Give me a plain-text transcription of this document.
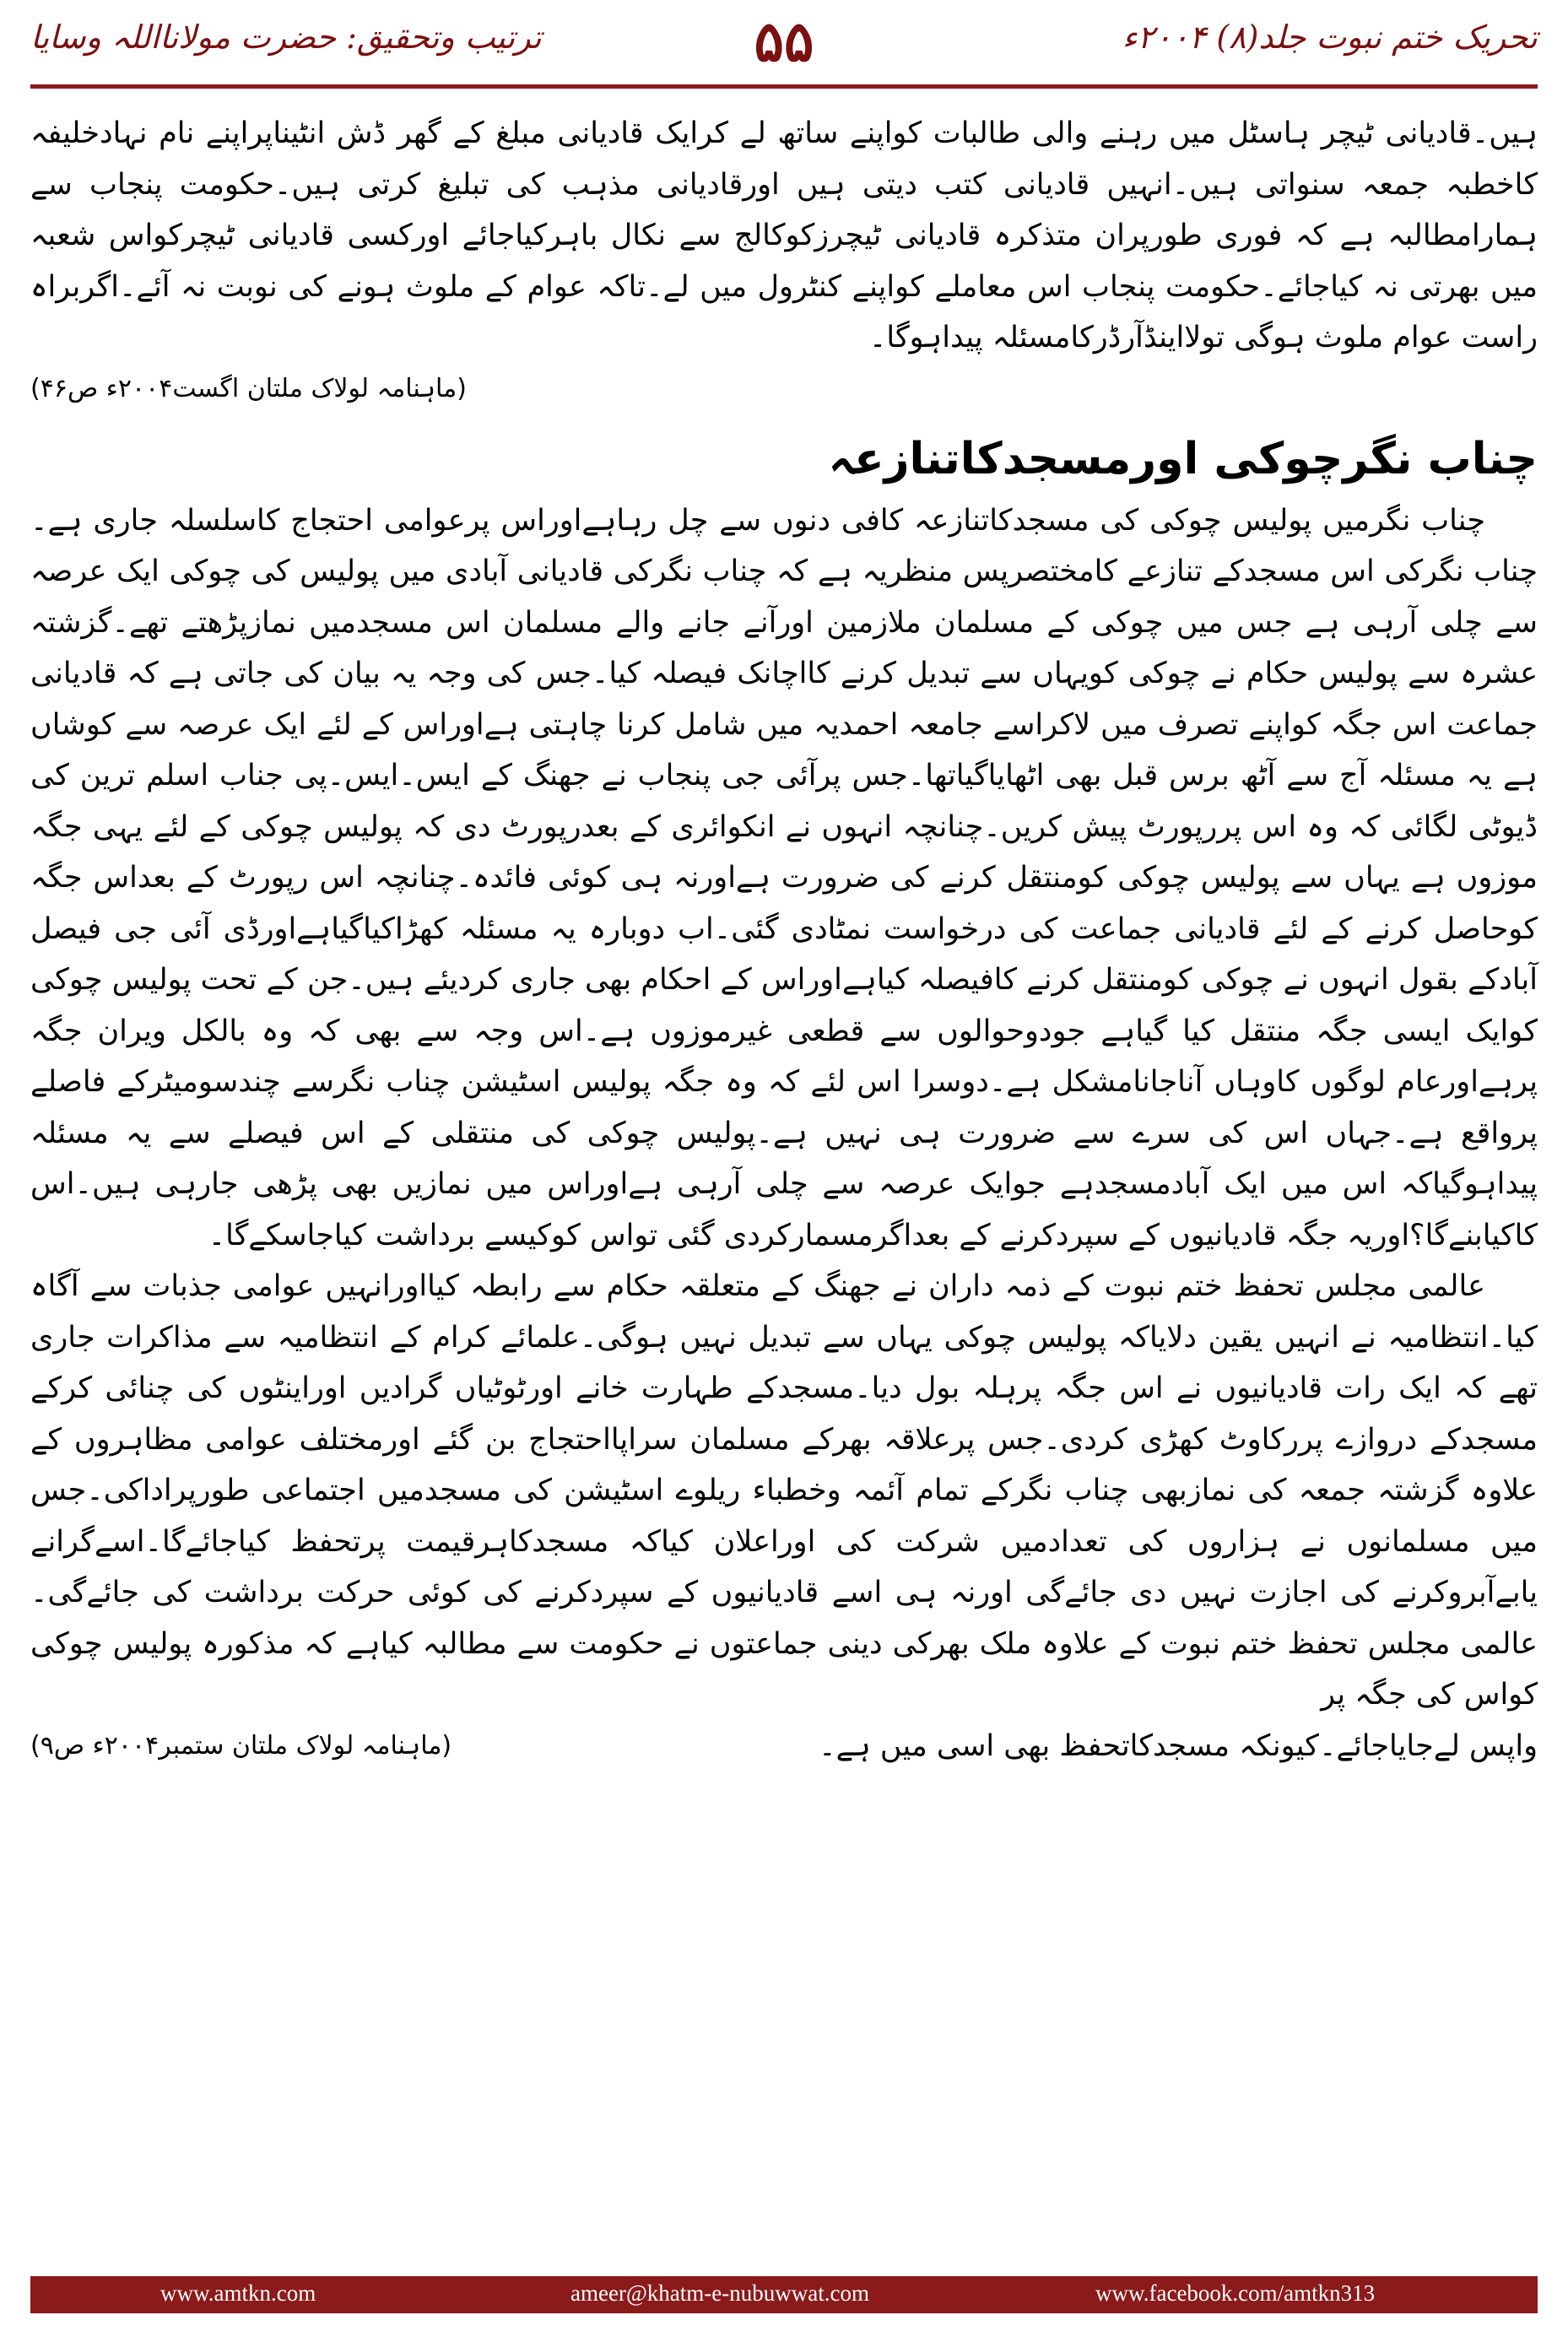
تحریک ختم نبوت جلد(۸) ۲۰۰۴ء
۵۵
ترتیب وتحقیق: حضرت مولانااللہ وسایا

ہیں۔قادیانی ٹیچر ہاسٹل میں رہنے والی طالبات کواپنے ساتھ لے کرایک قادیانی مبلغ کے گھر ڈش انٹیناپراپنے نام نہادخلیفہ کاخطبہ جمعہ سنواتی ہیں۔انہیں قادیانی کتب دیتی ہیں اورقادیانی مذہب کی تبلیغ کرتی ہیں۔حکومت پنجاب سے ہمارامطالبہ ہے کہ فوری طورپران متذکرہ قادیانی ٹیچرزکوکالج سے نکال باہرکیاجائے اورکسی قادیانی ٹیچرکواس شعبہ میں بھرتی نہ کیاجائے۔حکومت پنجاب اس معاملے کواپنے کنٹرول میں لے۔تاکہ عوام کے ملوث ہونے کی نوبت نہ آئے۔اگربراہ راست عوام ملوث ہوگی تولااینڈآرڈرکامسئلہ پیداہوگا۔

(ماہنامہ لولاک ملتان اگست۲۰۰۴ء ص۴۶)

چناب نگرچوکی اورمسجدکاتنازعہ

چناب نگرمیں پولیس چوکی کی مسجدکاتنازعہ کافی دنوں سے چل رہاہےاوراس پرعوامی احتجاج کاسلسلہ جاری ہے۔چناب نگرکی اس مسجدکے تنازعے کامختصرپس منظریہ ہے کہ چناب نگرکی قادیانی آبادی میں پولیس کی چوکی ایک عرصہ سے چلی آرہی ہے جس میں چوکی کے مسلمان ملازمین اورآنے جانے والے مسلمان اس مسجدمیں نمازپڑھتے تھے۔گزشتہ عشرہ سے پولیس حکام نے چوکی کویہاں سے تبدیل کرنے کااچانک فیصلہ کیا۔جس کی وجہ یہ بیان کی جاتی ہے کہ قادیانی جماعت اس جگہ کواپنے تصرف میں لاکراسے جامعہ احمدیہ میں شامل کرنا چاہتی ہےاوراس کے لئے ایک عرصہ سے کوشاں ہے یہ مسئلہ آج سے آٹھ برس قبل بھی اٹھایاگیاتھا۔جس پرآئی جی پنجاب نے جھنگ کے ایس۔ایس۔پی جناب اسلم ترین کی ڈیوٹی لگائی کہ وہ اس پررپورٹ پیش کریں۔چنانچہ انہوں نے انکوائری کے بعدرپورٹ دی کہ پولیس چوکی کے لئے یہی جگہ موزوں ہے یہاں سے پولیس چوکی کومنتقل کرنے کی ضرورت ہےاورنہ ہی کوئی فائدہ۔چنانچہ اس رپورٹ کے بعداس جگہ کوحاصل کرنے کے لئے قادیانی جماعت کی درخواست نمٹادی گئی۔اب دوبارہ یہ مسئلہ کھڑاکیاگیاہےاورڈی آئی جی فیصل آبادکے بقول انہوں نے چوکی کومنتقل کرنے کافیصلہ کیاہےاوراس کے احکام بھی جاری کردیئے ہیں۔جن کے تحت پولیس چوکی کوایک ایسی جگہ منتقل کیا گیاہے جودوحوالوں سے قطعی غیرموزوں ہے۔اس وجہ سے بھی کہ وہ بالکل ویران جگہ پرہےاورعام لوگوں کاوہاں آناجانامشکل ہے۔دوسرا اس لئے کہ وہ جگہ پولیس اسٹیشن چناب نگرسے چندسومیٹرکے فاصلے پرواقع ہے۔جہاں اس کی سرے سے ضرورت ہی نہیں ہے۔پولیس چوکی کی منتقلی کے اس فیصلے سے یہ مسئلہ پیداہوگیاکہ اس میں ایک آبادمسجدہے جوایک عرصہ سے چلی آرہی ہےاوراس میں نمازیں بھی پڑھی جارہی ہیں۔اس کاکیابنےگا؟اوریہ جگہ قادیانیوں کے سپردکرنے کے بعداگرمسمارکردی گئی تواس کوکیسے برداشت کیاجاسکےگا۔

عالمی مجلس تحفظ ختم نبوت کے ذمہ داران نے جھنگ کے متعلقہ حکام سے رابطہ کیااورانہیں عوامی جذبات سے آگاہ کیا۔انتظامیہ نے انہیں یقین دلایاکہ پولیس چوکی یہاں سے تبدیل نہیں ہوگی۔علمائے کرام کے انتظامیہ سے مذاکرات جاری تھے کہ ایک رات قادیانیوں نے اس جگہ پرہلہ بول دیا۔مسجدکے طہارت خانے اورٹوٹیاں گرادیں اوراینٹوں کی چنائی کرکے مسجدکے دروازے پررکاوٹ کھڑی کردی۔جس پرعلاقہ بھرکے مسلمان سراپااحتجاج بن گئے اورمختلف عوامی مظاہروں کے علاوہ گزشتہ جمعہ کی نمازبھی چناب نگرکے تمام آئمہ وخطباء ریلوے اسٹیشن کی مسجدمیں اجتماعی طورپراداکی۔جس میں مسلمانوں نے ہزاروں کی تعدادمیں شرکت کی اوراعلان کیاکہ مسجدکاہرقیمت پرتحفظ کیاجائےگا۔اسےگرانے یابےآبروکرنے کی اجازت نہیں دی جائےگی اورنہ ہی اسے قادیانیوں کے سپردکرنے کی کوئی حرکت برداشت کی جائےگی۔عالمی مجلس تحفظ ختم نبوت کے علاوہ ملک بھرکی دینی جماعتوں نے حکومت سے مطالبہ کیاہے کہ مذکورہ پولیس چوکی کواس کی جگہ پر

واپس لےجایاجائے۔کیونکہ مسجدکاتحفظ بھی اسی میں ہے۔
(ماہنامہ لولاک ملتان ستمبر۲۰۰۴ء ص۹)
www.amtkn.com	ameer@khatm-e-nubuwwat.com	www.facebook.com/amtkn313
